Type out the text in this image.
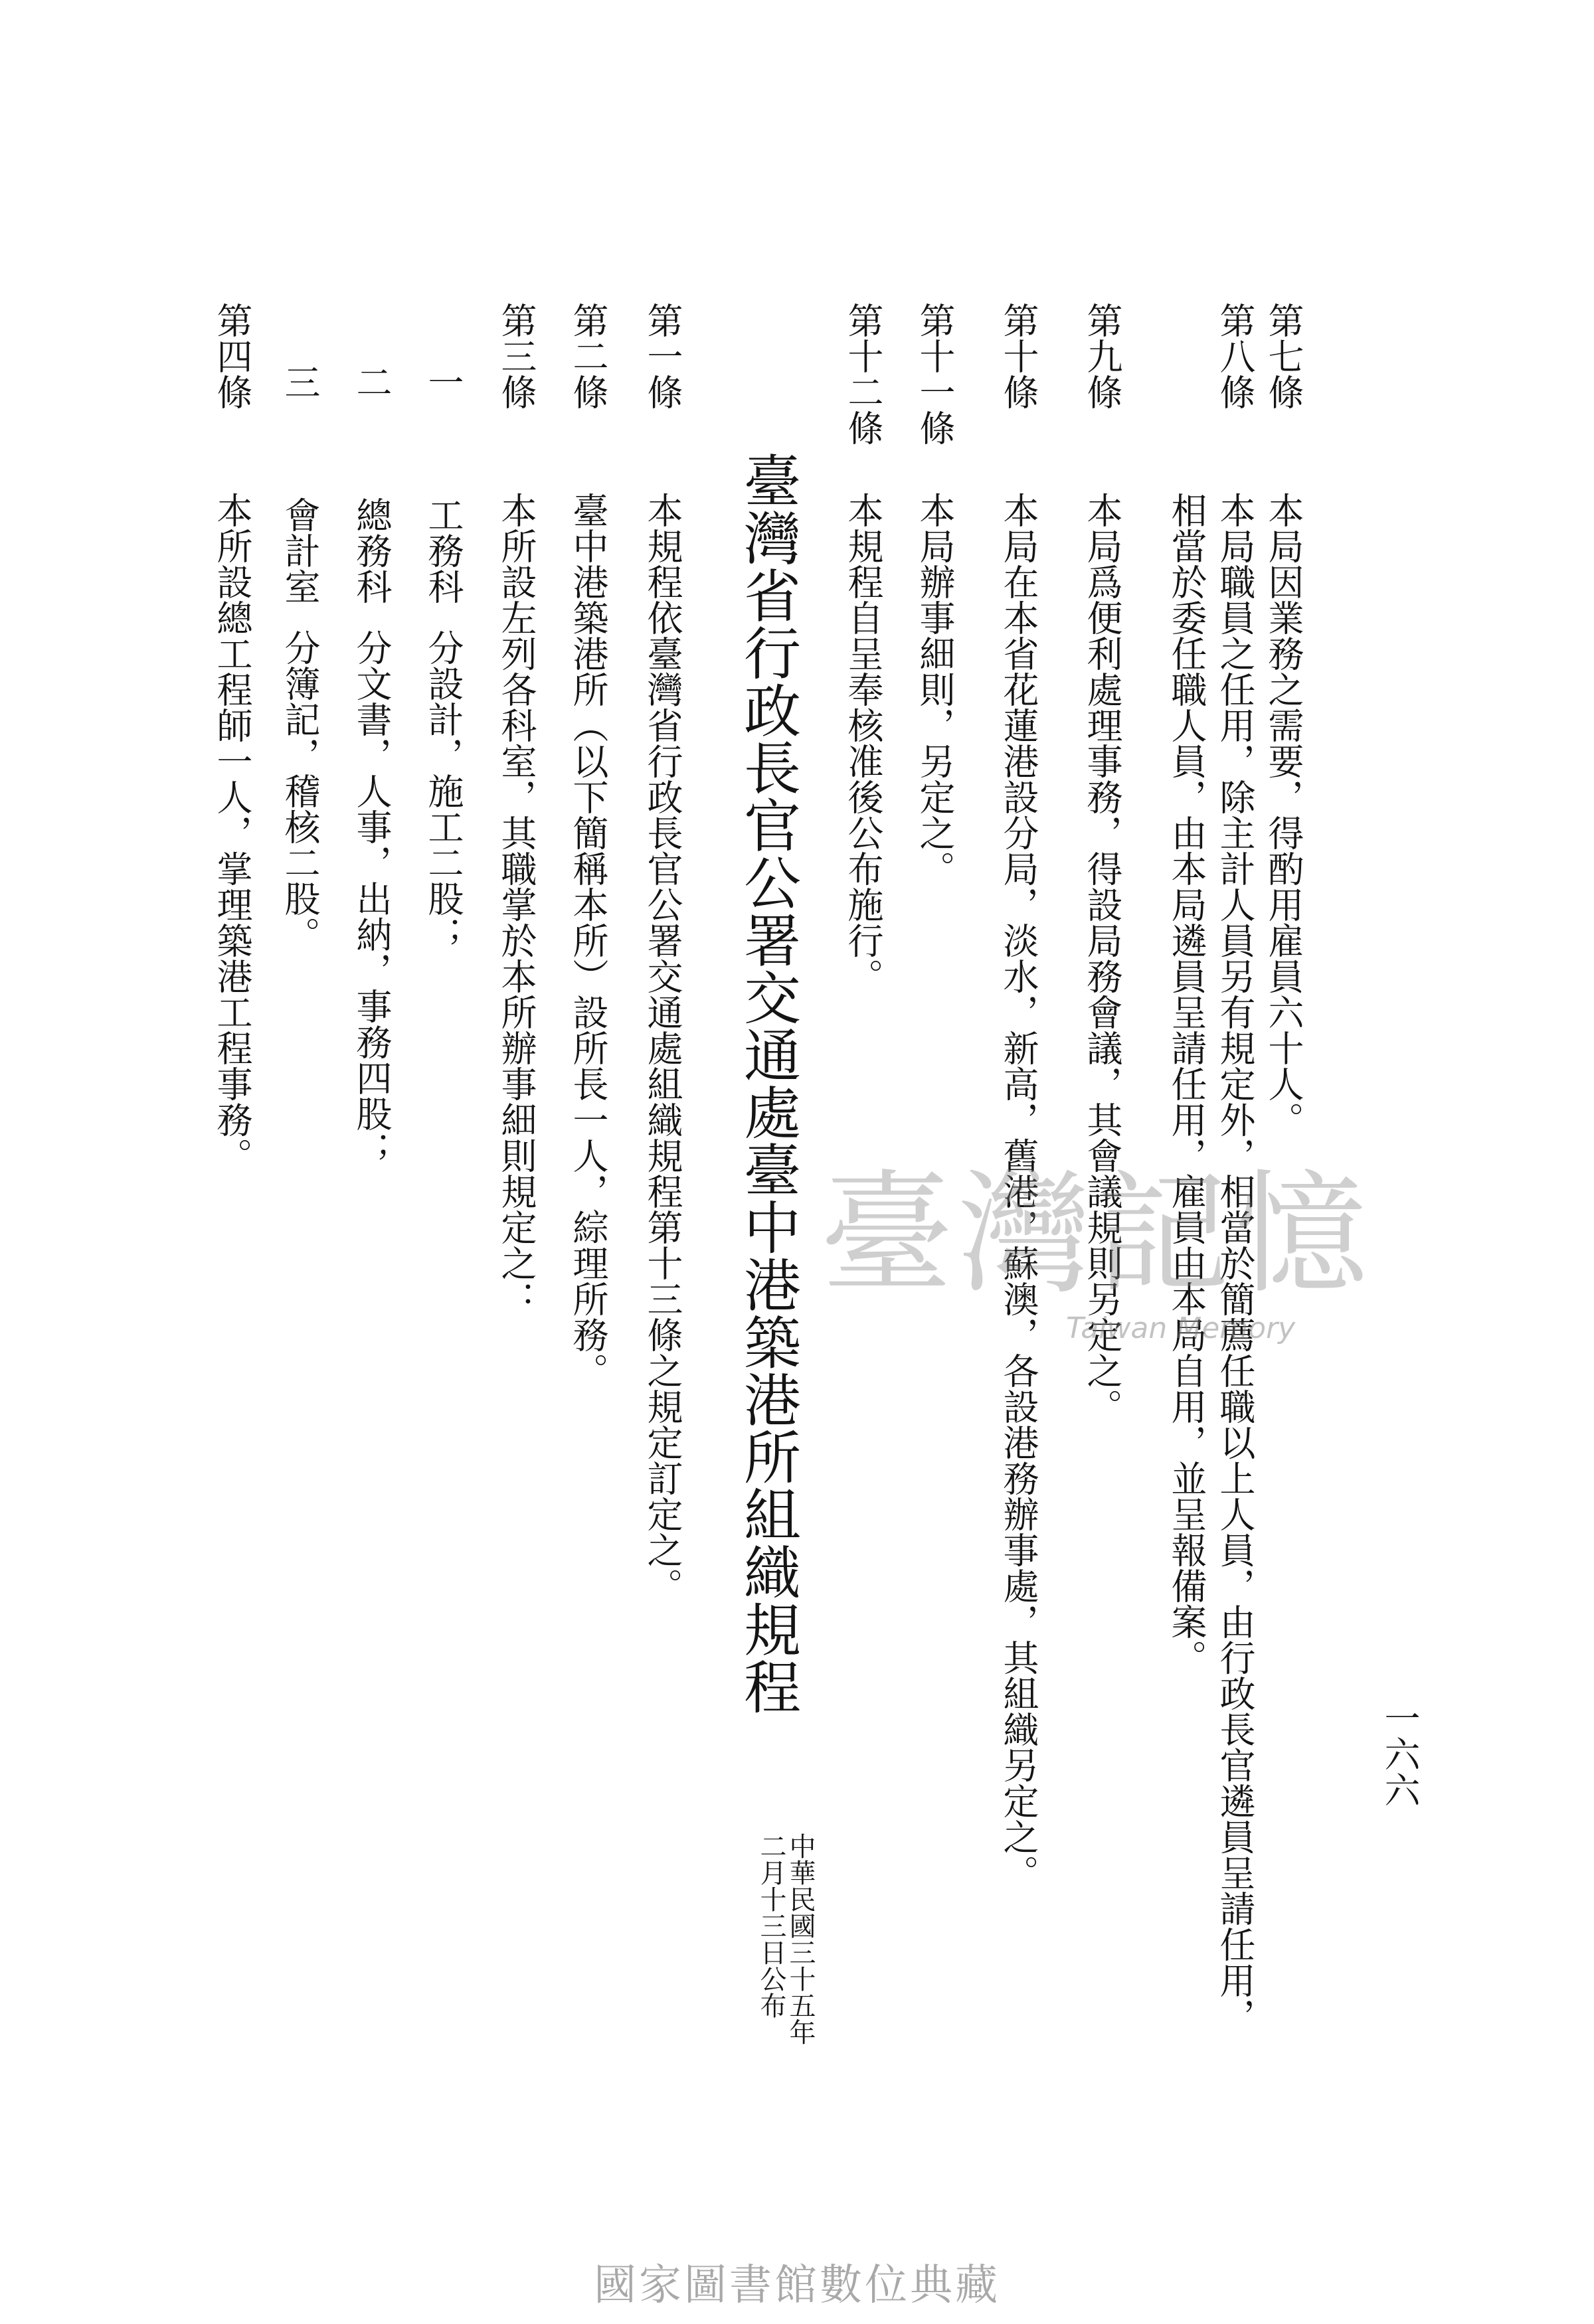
一六六
第七條本局因業務之需要，得酌用雇員六十人。
第八條本局職員之任用，除主計人員另有規定外，相當於簡薦任職以上人員，由行政長官遴員呈請任用，
相當於委任職人員，由本局遴員呈請任用，雇員由本局自用，並呈報備案。
第九條本局爲便利處理事務，得設局務會議，其會議規則另定之。
第十條本局在本省花蓮港設分局，淡水，新高，舊港，蘇澳，各設港務辦事處，其組織另定之。
第十一條本局辦事細則，另定之。
第十二條本規程自呈奉核准後公布施行。
臺灣省行政長官公署交通處臺中港築港所組織規程
中華民國三十五年二月十三日公布
臺灣記憶
Taiwan Memory
第一條本規程依臺灣省行政長官公署交通處組織規程第十三條之規定訂定之。
第二條臺中港築港所（以下簡稱本所）設所長一人，綜理所務。
第三條本所設左列各科室，其職掌於本所辦事細則規定之：
一工務科分設計，施工二股；
二總務科分文書，人事，出納，事務四股；
三會計室分簿記，稽核二股。
第四條本所設總工程師一人，掌理築港工程事務。
國家圖書館數位典藏
